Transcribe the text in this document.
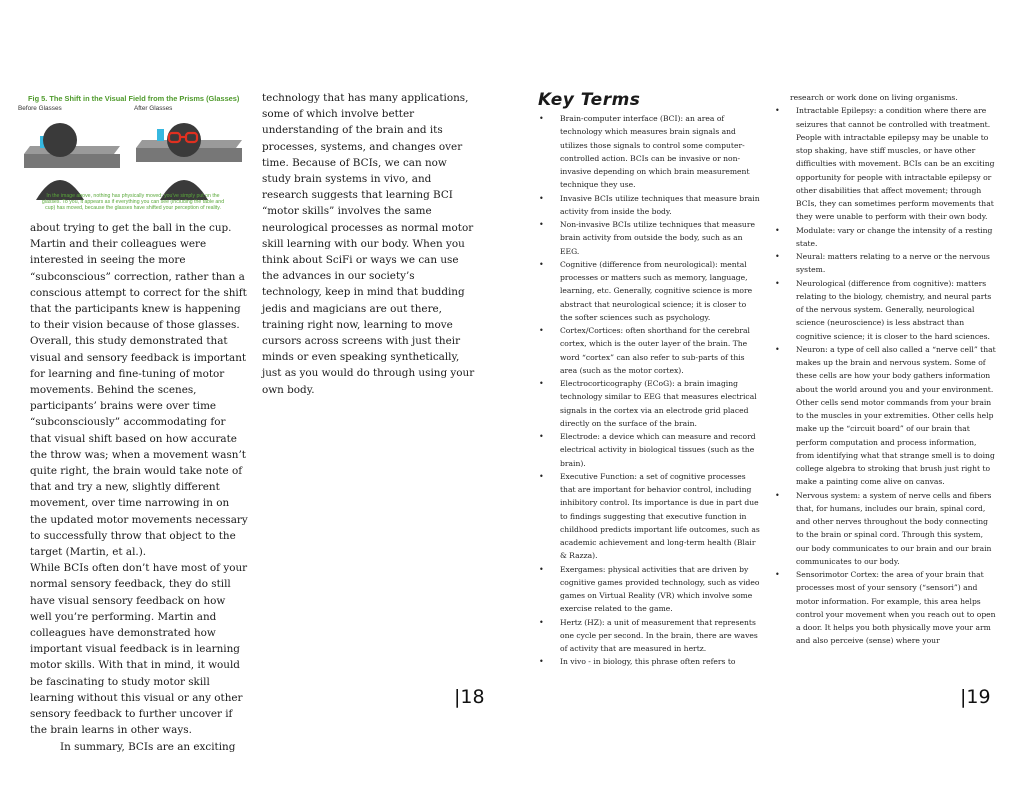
Fig 5. The Shift in the Visual Field from the Prisms (Glasses)
Before Glasses	After Glasses
In the image above, nothing has physically moved; you've simply put on the glasses. To you, it appears as if everything you can see (including the table and cup) has moved, because the glasses have shifted your perception of reality.

about trying to get the ball in the cup. Martin and their colleagues were interested in seeing the more “subconscious” correction, rather than a conscious attempt to correct for the shift that the participants knew is happening to their vision because of those glasses. Overall, this study demonstrated that visual and sensory feedback is important for learning and fine-tuning of motor movements. Behind the scenes, participants’ brains were over time “subconsciously” accommodating for that visual shift based on how accurate the throw was; when a movement wasn’t quite right, the brain would take note of that and try a new, slightly different movement, over time narrowing in on the updated motor movements necessary to successfully throw that object to the target (Martin, et al.).

While BCIs often don’t have most of your normal sensory feedback, they do still have visual sensory feedback on how well you’re performing. Martin and colleagues have demonstrated how important visual feedback is in learning motor skills. With that in mind, it would be fascinating to study motor skill learning without this visual or any other sensory feedback to further uncover if the brain learns in other ways.

In summary, BCIs are an exciting

technology that has many applications, some of which involve better understanding of the brain and its processes, systems, and changes over time. Because of BCIs, we can now study brain systems in vivo, and research suggests that learning BCI “motor skills” involves the same neurological processes as normal motor skill learning with our body. When you think about SciFi or ways we can use the advances in our society’s technology, keep in mind that budding jedis and magicians are out there, training right now, learning to move cursors across screens with just their minds or even speaking synthetically, just as you would do through using your own body.

|18
Key Terms
• Brain-computer interface (BCI): an area of technology which measures brain signals and utilizes those signals to control some computer-controlled action. BCIs can be invasive or non-invasive depending on which brain measurement technique they use.
• Invasive BCIs utilize techniques that measure brain activity from inside the body.
• Non-invasive BCIs utilize techniques that measure brain activity from outside the body, such as an EEG.
• Cognitive (difference from neurological): mental processes or matters such as memory, language, learning, etc. Generally, cognitive science is more abstract that neurological science; it is closer to the softer sciences such as psychology.
• Cortex/Cortices: often shorthand for the cerebral cortex, which is the outer layer of the brain. The word “cortex” can also refer to sub-parts of this area (such as the motor cortex).
• Electrocorticography (ECoG): a brain imaging technology similar to EEG that measures electrical signals in the cortex via an electrode grid placed directly on the surface of the brain.
• Electrode: a device which can measure and record electrical activity in biological tissues (such as the brain).
• Executive Function: a set of cognitive processes that are important for behavior control, including inhibitory control. Its importance is due in part due to findings suggesting that executive function in childhood predicts important life outcomes, such as academic achievement and long-term health (Blair & Razza).
• Exergames: physical activities that are driven by cognitive games provided technology, such as video games on Virtual Reality (VR) which involve some exercise related to the game.
• Hertz (HZ): a unit of measurement that represents one cycle per second. In the brain, there are waves of activity that are measured in hertz.
• In vivo - in biology, this phrase often refers to
research or work done on living organisms.
• Intractable Epilepsy: a condition where there are seizures that cannot be controlled with treatment. People with intractable epilepsy may be unable to stop shaking, have stiff muscles, or have other difficulties with movement. BCIs can be an exciting opportunity for people with intractable epilepsy or other disabilities that affect movement; through BCIs, they can sometimes perform movements that they were unable to perform with their own body.
• Modulate: vary or change the intensity of a resting state.
• Neural: matters relating to a nerve or the nervous system.
• Neurological (difference from cognitive): matters relating to the biology, chemistry, and neural parts of the nervous system. Generally, neurological science (neuroscience) is less abstract than cognitive science; it is closer to the hard sciences.
• Neuron: a type of cell also called a “nerve cell” that makes up the brain and nervous system. Some of these cells are how your body gathers information about the world around you and your environment. Other cells send motor commands from your brain to the muscles in your extremities. Other cells help make up the “circuit board” of our brain that perform computation and process information, from identifying what that strange smell is to doing college algebra to stroking that brush just right to make a painting come alive on canvas.
• Nervous system: a system of nerve cells and fibers that, for humans, includes our brain, spinal cord, and other nerves throughout the body connecting to the brain or spinal cord. Through this system, our body communicates to our brain and our brain communicates to our body.
• Sensorimotor Cortex: the area of your brain that processes most of your sensory (“sensori”) and motor information. For example, this area helps control your movement when you reach out to open a door. It helps you both physically move your arm and also perceive (sense) where your
|19
